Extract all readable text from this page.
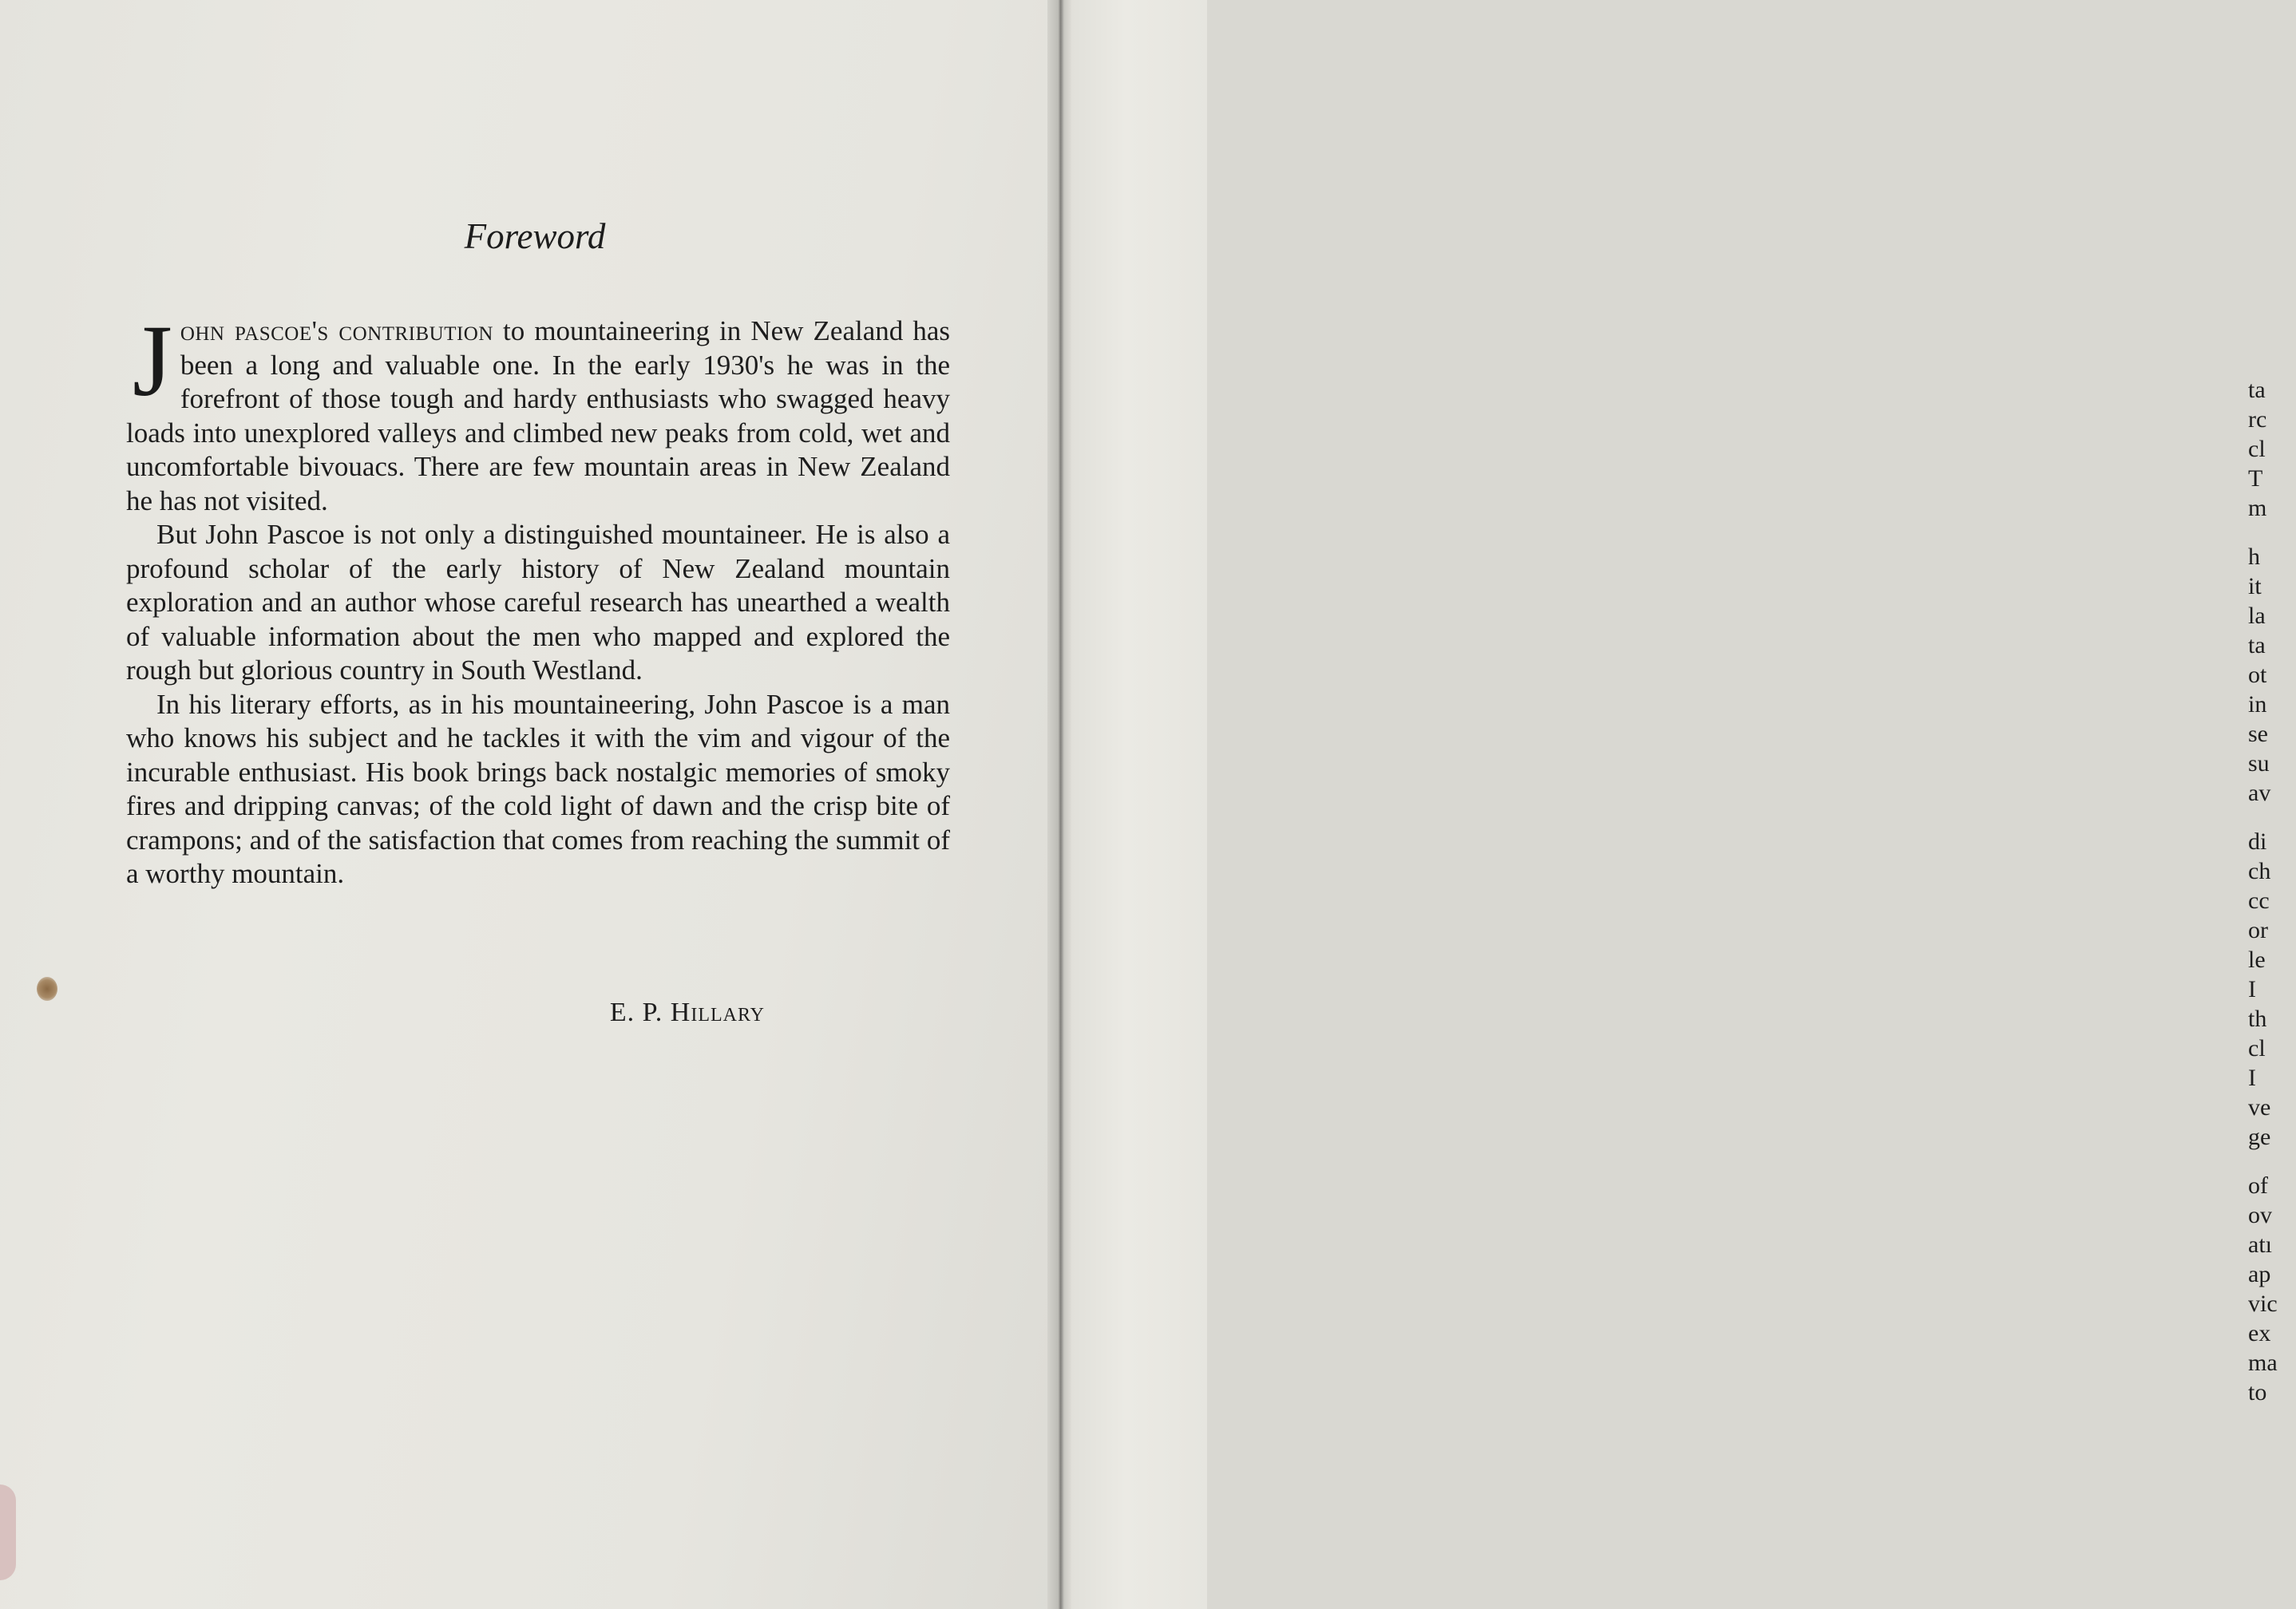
Foreword

John pascoe's contribution to mountaineering in New Zealand has been a long and valuable one. In the early 1930's he was in the forefront of those tough and hardy enthusiasts who swagged heavy loads into unexplored valleys and climbed new peaks from cold, wet and uncomfortable bivouacs. There are few mountain areas in New Zealand he has not visited.

But John Pascoe is not only a distinguished mountaineer. He is also a profound scholar of the early history of New Zealand mountain exploration and an author whose careful research has unearthed a wealth of valuable information about the men who mapped and explored the rough but glorious country in South Westland.

In his literary efforts, as in his mountaineering, John Pascoe is a man who knows his subject and he tackles it with the vim and vigour of the incurable enthusiast. His book brings back nostalgic memories of smoky fires and dripping canvas; of the cold light of dawn and the crisp bite of crampons; and of the satisfaction that comes from reaching the summit of a worthy mountain.

E. P. Hillary
ta
rc
cl
T
m
h
it
la
ta
ot
in
se
su
av
di
ch
cc
or
le
I
th
cl
I
ve
ge
of
ov
atı
ap
vic
ex
ma
to
